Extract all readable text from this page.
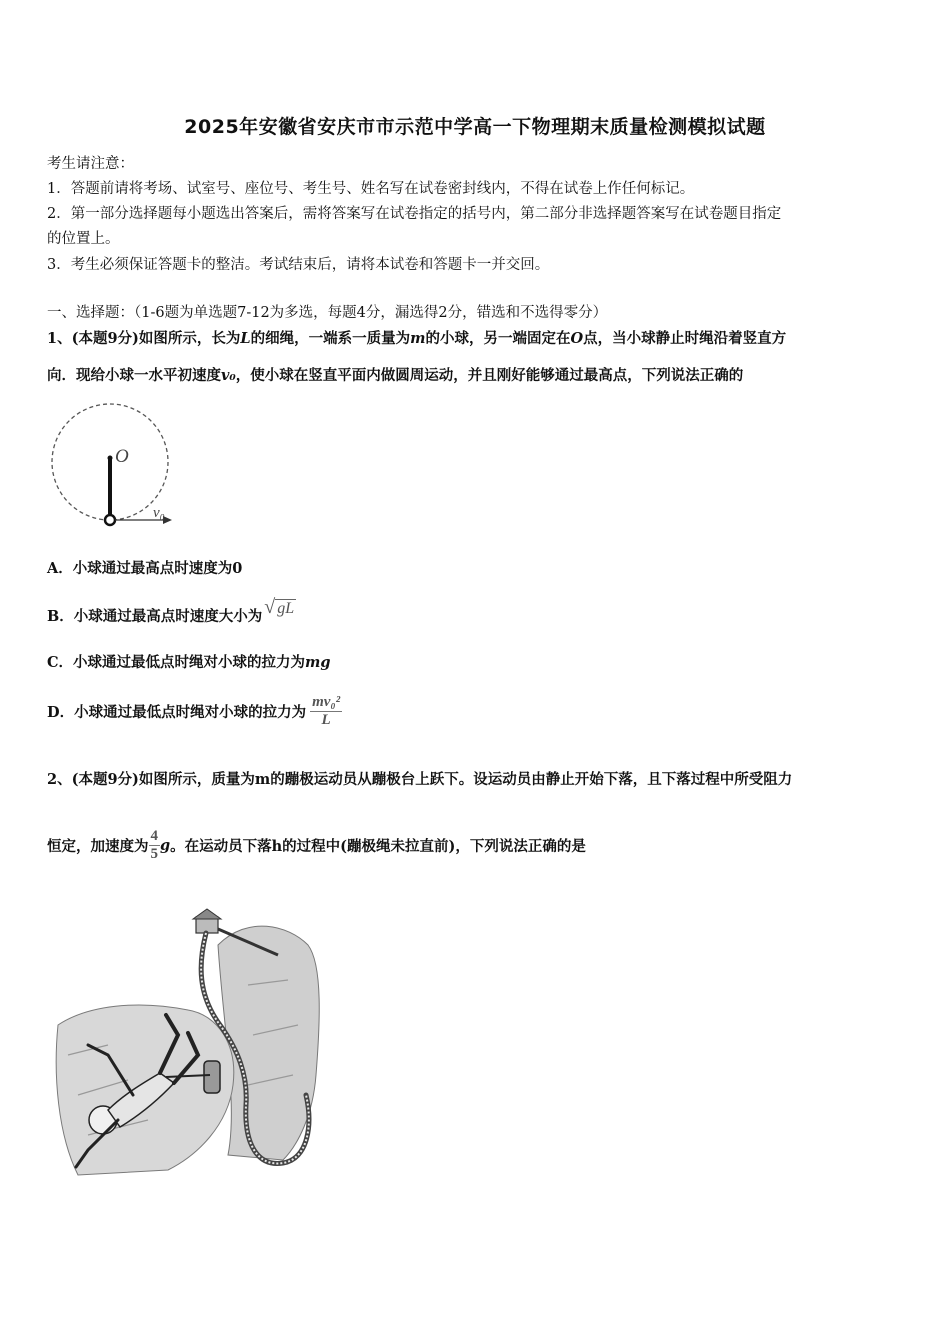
2025年安徽省安庆市市示范中学高一下物理期末质量检测模拟试题
考生请注意：
1．答题前请将考场、试室号、座位号、考生号、姓名写在试卷密封线内，不得在试卷上作任何标记。
2．第一部分选择题每小题选出答案后，需将答案写在试卷指定的括号内，第二部分非选择题答案写在试卷题目指定
的位置上。
3．考生必须保证答题卡的整洁。考试结束后，请将本试卷和答题卡一并交回。
一、选择题：（1-6题为单选题7-12为多选，每题4分，漏选得2分，错选和不选得零分）
1、(本题9分)如图所示，长为L的细绳，一端系一质量为m的小球，另一端固定在O点，当小球静止时绳沿着竖直方
向．现给小球一水平初速度v₀，使小球在竖直平面内做圆周运动，并且刚好能够通过最高点，下列说法正确的
O
v₀
A．小球通过最高点时速度为0
B．小球通过最高点时速度大小为 √ gL
C．小球通过最低点时绳对小球的拉力为mg
D．小球通过最低点时绳对小球的拉力为 $\frac{\text{mv₀²}}{L}$
2、(本题9分)如图所示，质量为m的蹦极运动员从蹦极台上跃下。设运动员由静止开始下落，且下落过程中所受阻力
恒定，加速度为 $\frac{4}{5}$ g。在运动员下落h的过程中(蹦极绳未拉直前)，下列说法正确的是
